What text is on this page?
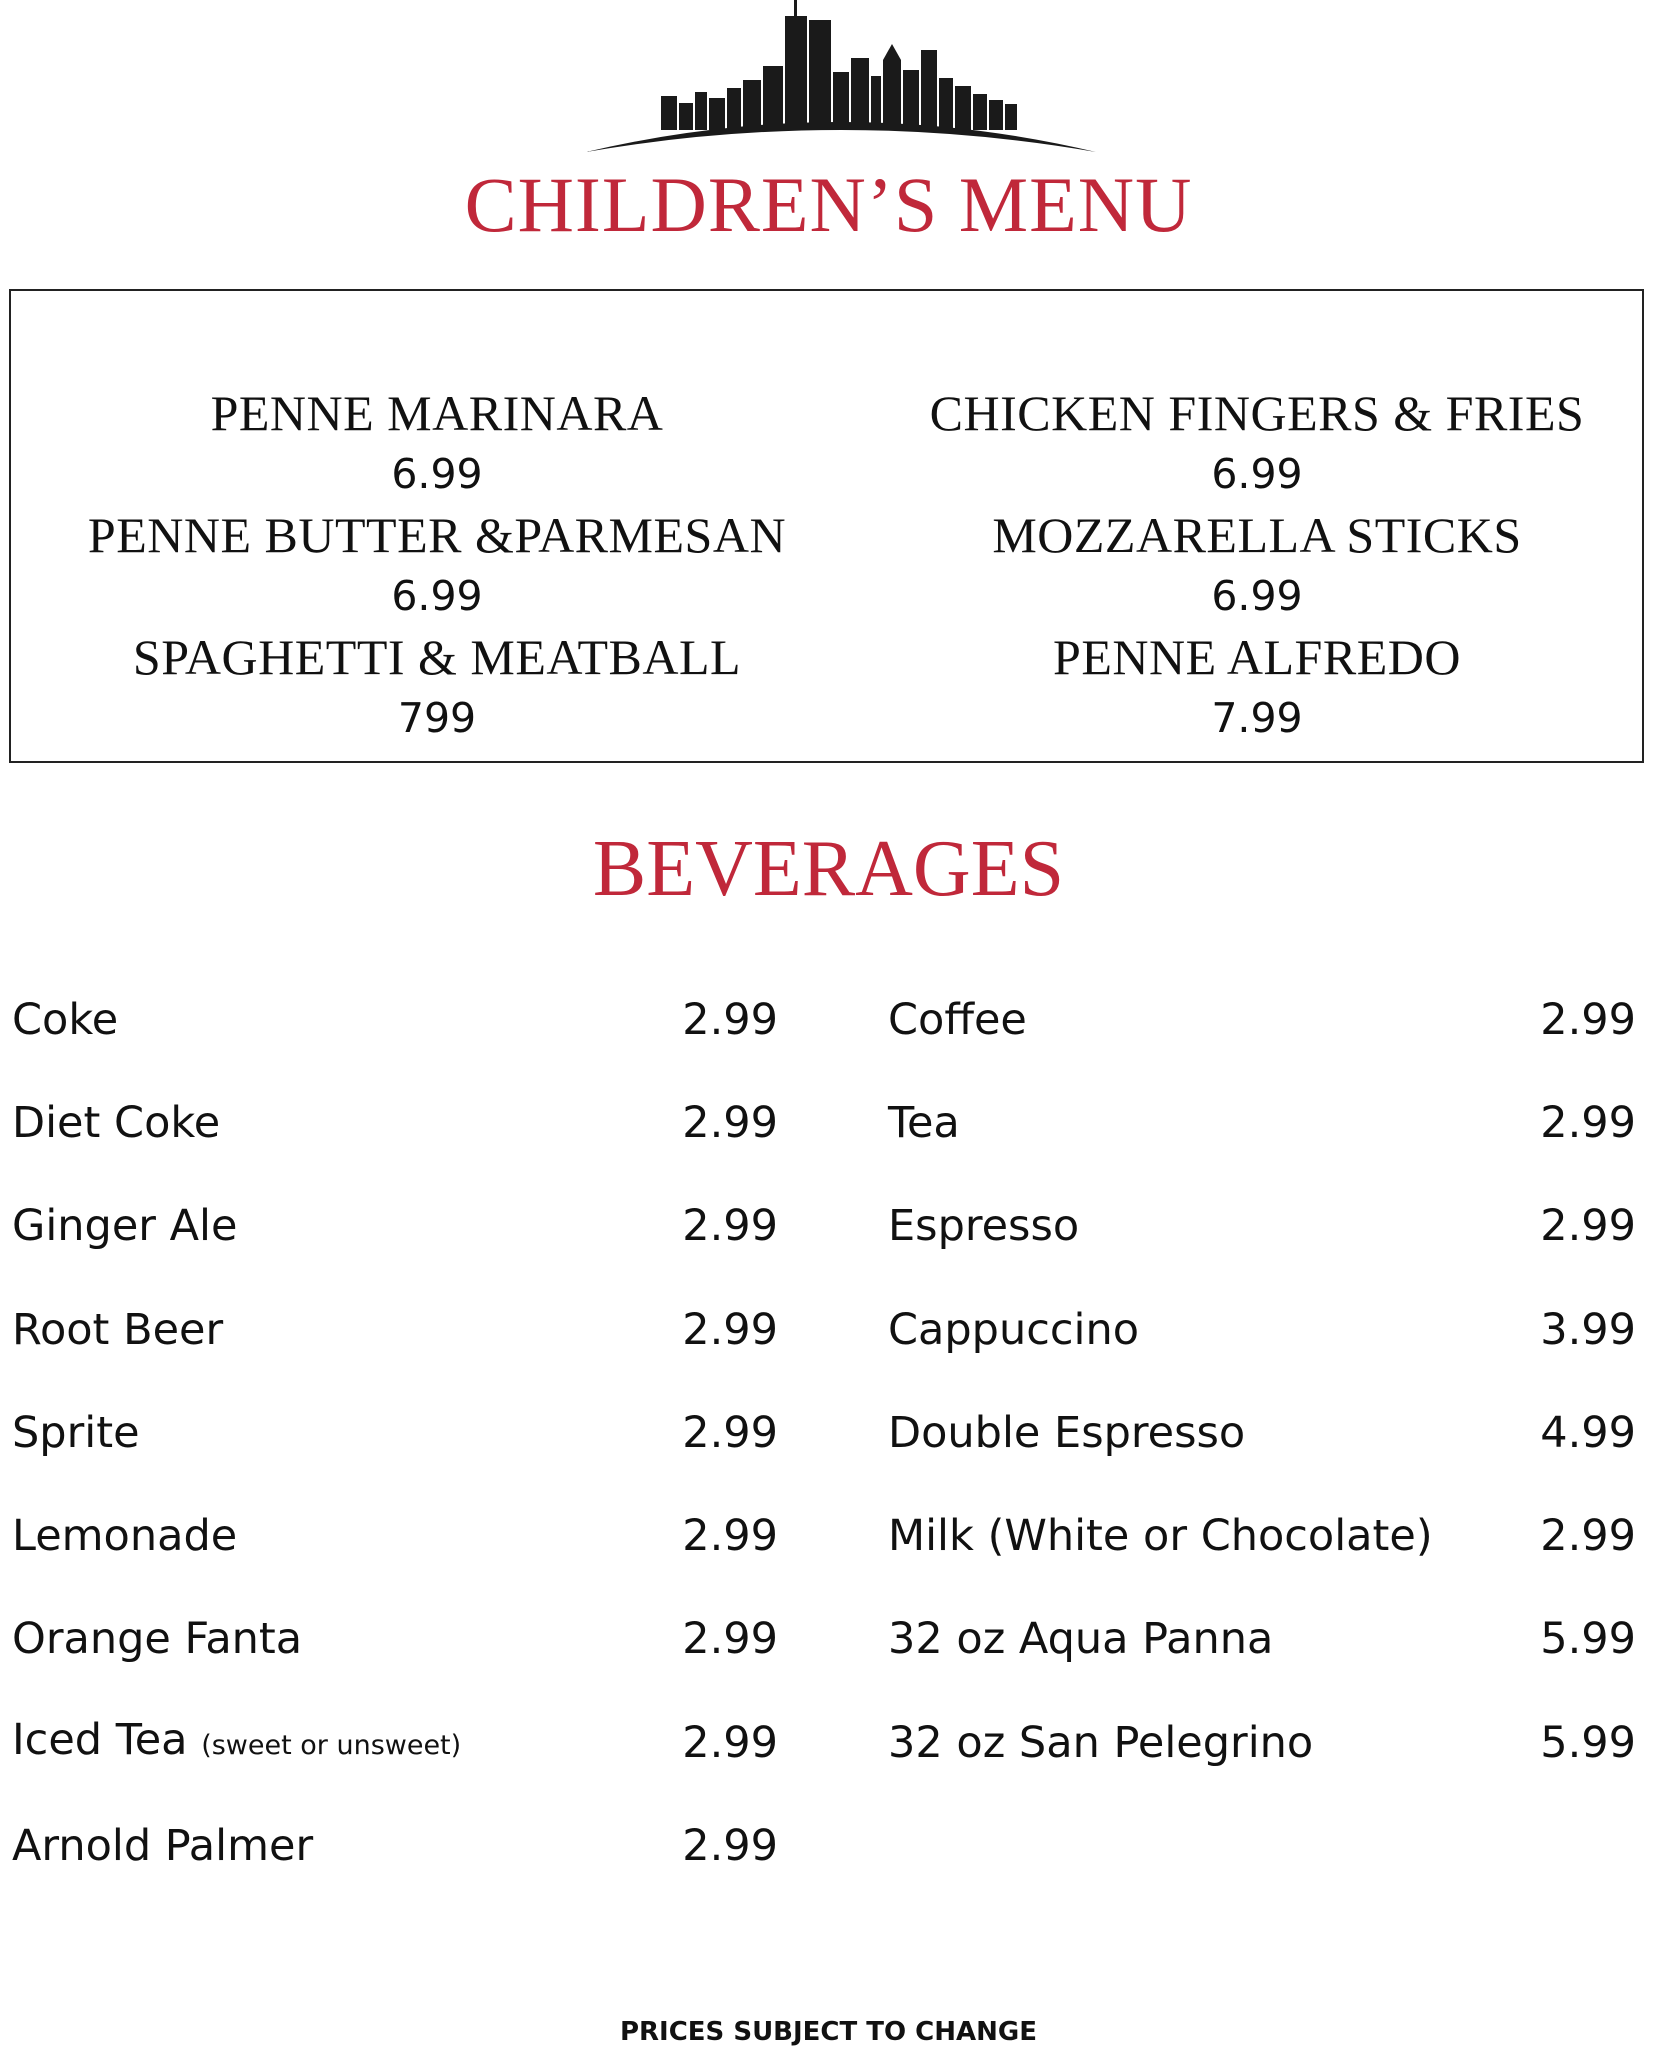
CHILDREN’S MENU
PENNE MARINARA
6.99
PENNE BUTTER &PARMESAN
6.99
SPAGHETTI & MEATBALL
799
CHICKEN FINGERS & FRIES
6.99
MOZZARELLA STICKS
6.99
PENNE ALFREDO
7.99
BEVERAGES
Coke	2.99
Diet Coke	2.99
Ginger Ale	2.99
Root Beer	2.99
Sprite	2.99
Lemonade	2.99
Orange Fanta	2.99
Iced Tea (sweet or unsweet)	2.99
Arnold Palmer	2.99
Coffee	2.99
Tea	2.99
Espresso	2.99
Cappuccino	3.99
Double Espresso	4.99
Milk (White or Chocolate)	2.99
32 oz Aqua Panna	5.99
32 oz San Pelegrino	5.99
PRICES SUBJECT TO CHANGE
